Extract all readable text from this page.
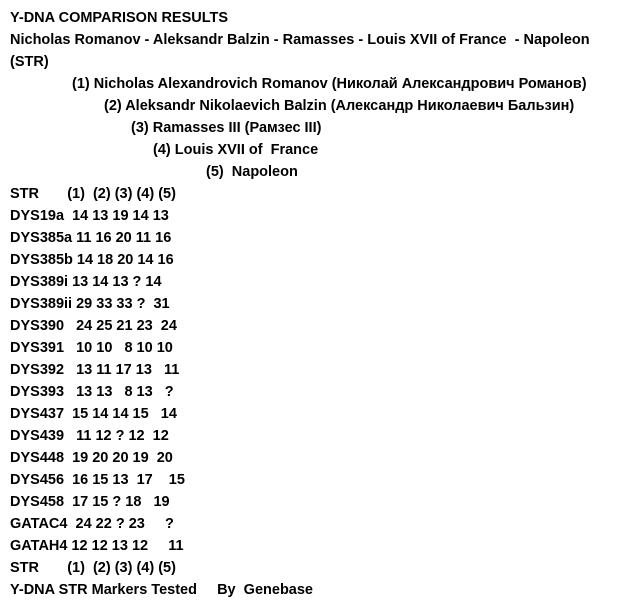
Y-DNA COMPARISON RESULTS
Nicholas Romanov - Aleksandr Balzin - Ramasses - Louis XVII of France  - Napoleon
(STR)
(1) Nicholas Alexandrovich Romanov (Николай Александрович Романов)
(2) Aleksandr Nikolaevich Balzin (Александр Николаевич Бальзин)
(3) Ramasses III (Рамзес III)
(4) Louis XVII of  France
(5)  Napoleon
STR       (1)  (2) (3) (4) (5)
DYS19a  14 13 19 14 13
DYS385a 11 16 20 11 16
DYS385b 14 18 20 14 16
DYS389i 13 14 13 ? 14
DYS389ii 29 33 33 ?  31
DYS390   24 25 21 23  24
DYS391   10 10   8 10 10
DYS392   13 11 17 13   11
DYS393   13 13   8 13   ?
DYS437  15 14 14 15   14
DYS439   11 12 ? 12  12
DYS448  19 20 20 19  20
DYS456  16 15 13  17    15
DYS458  17 15 ? 18   19
GATAC4  24 22 ? 23     ?
GATAH4 12 12 13 12     11
STR       (1)  (2) (3) (4) (5)
Y-DNA STR Markers Tested     By  Genebase
